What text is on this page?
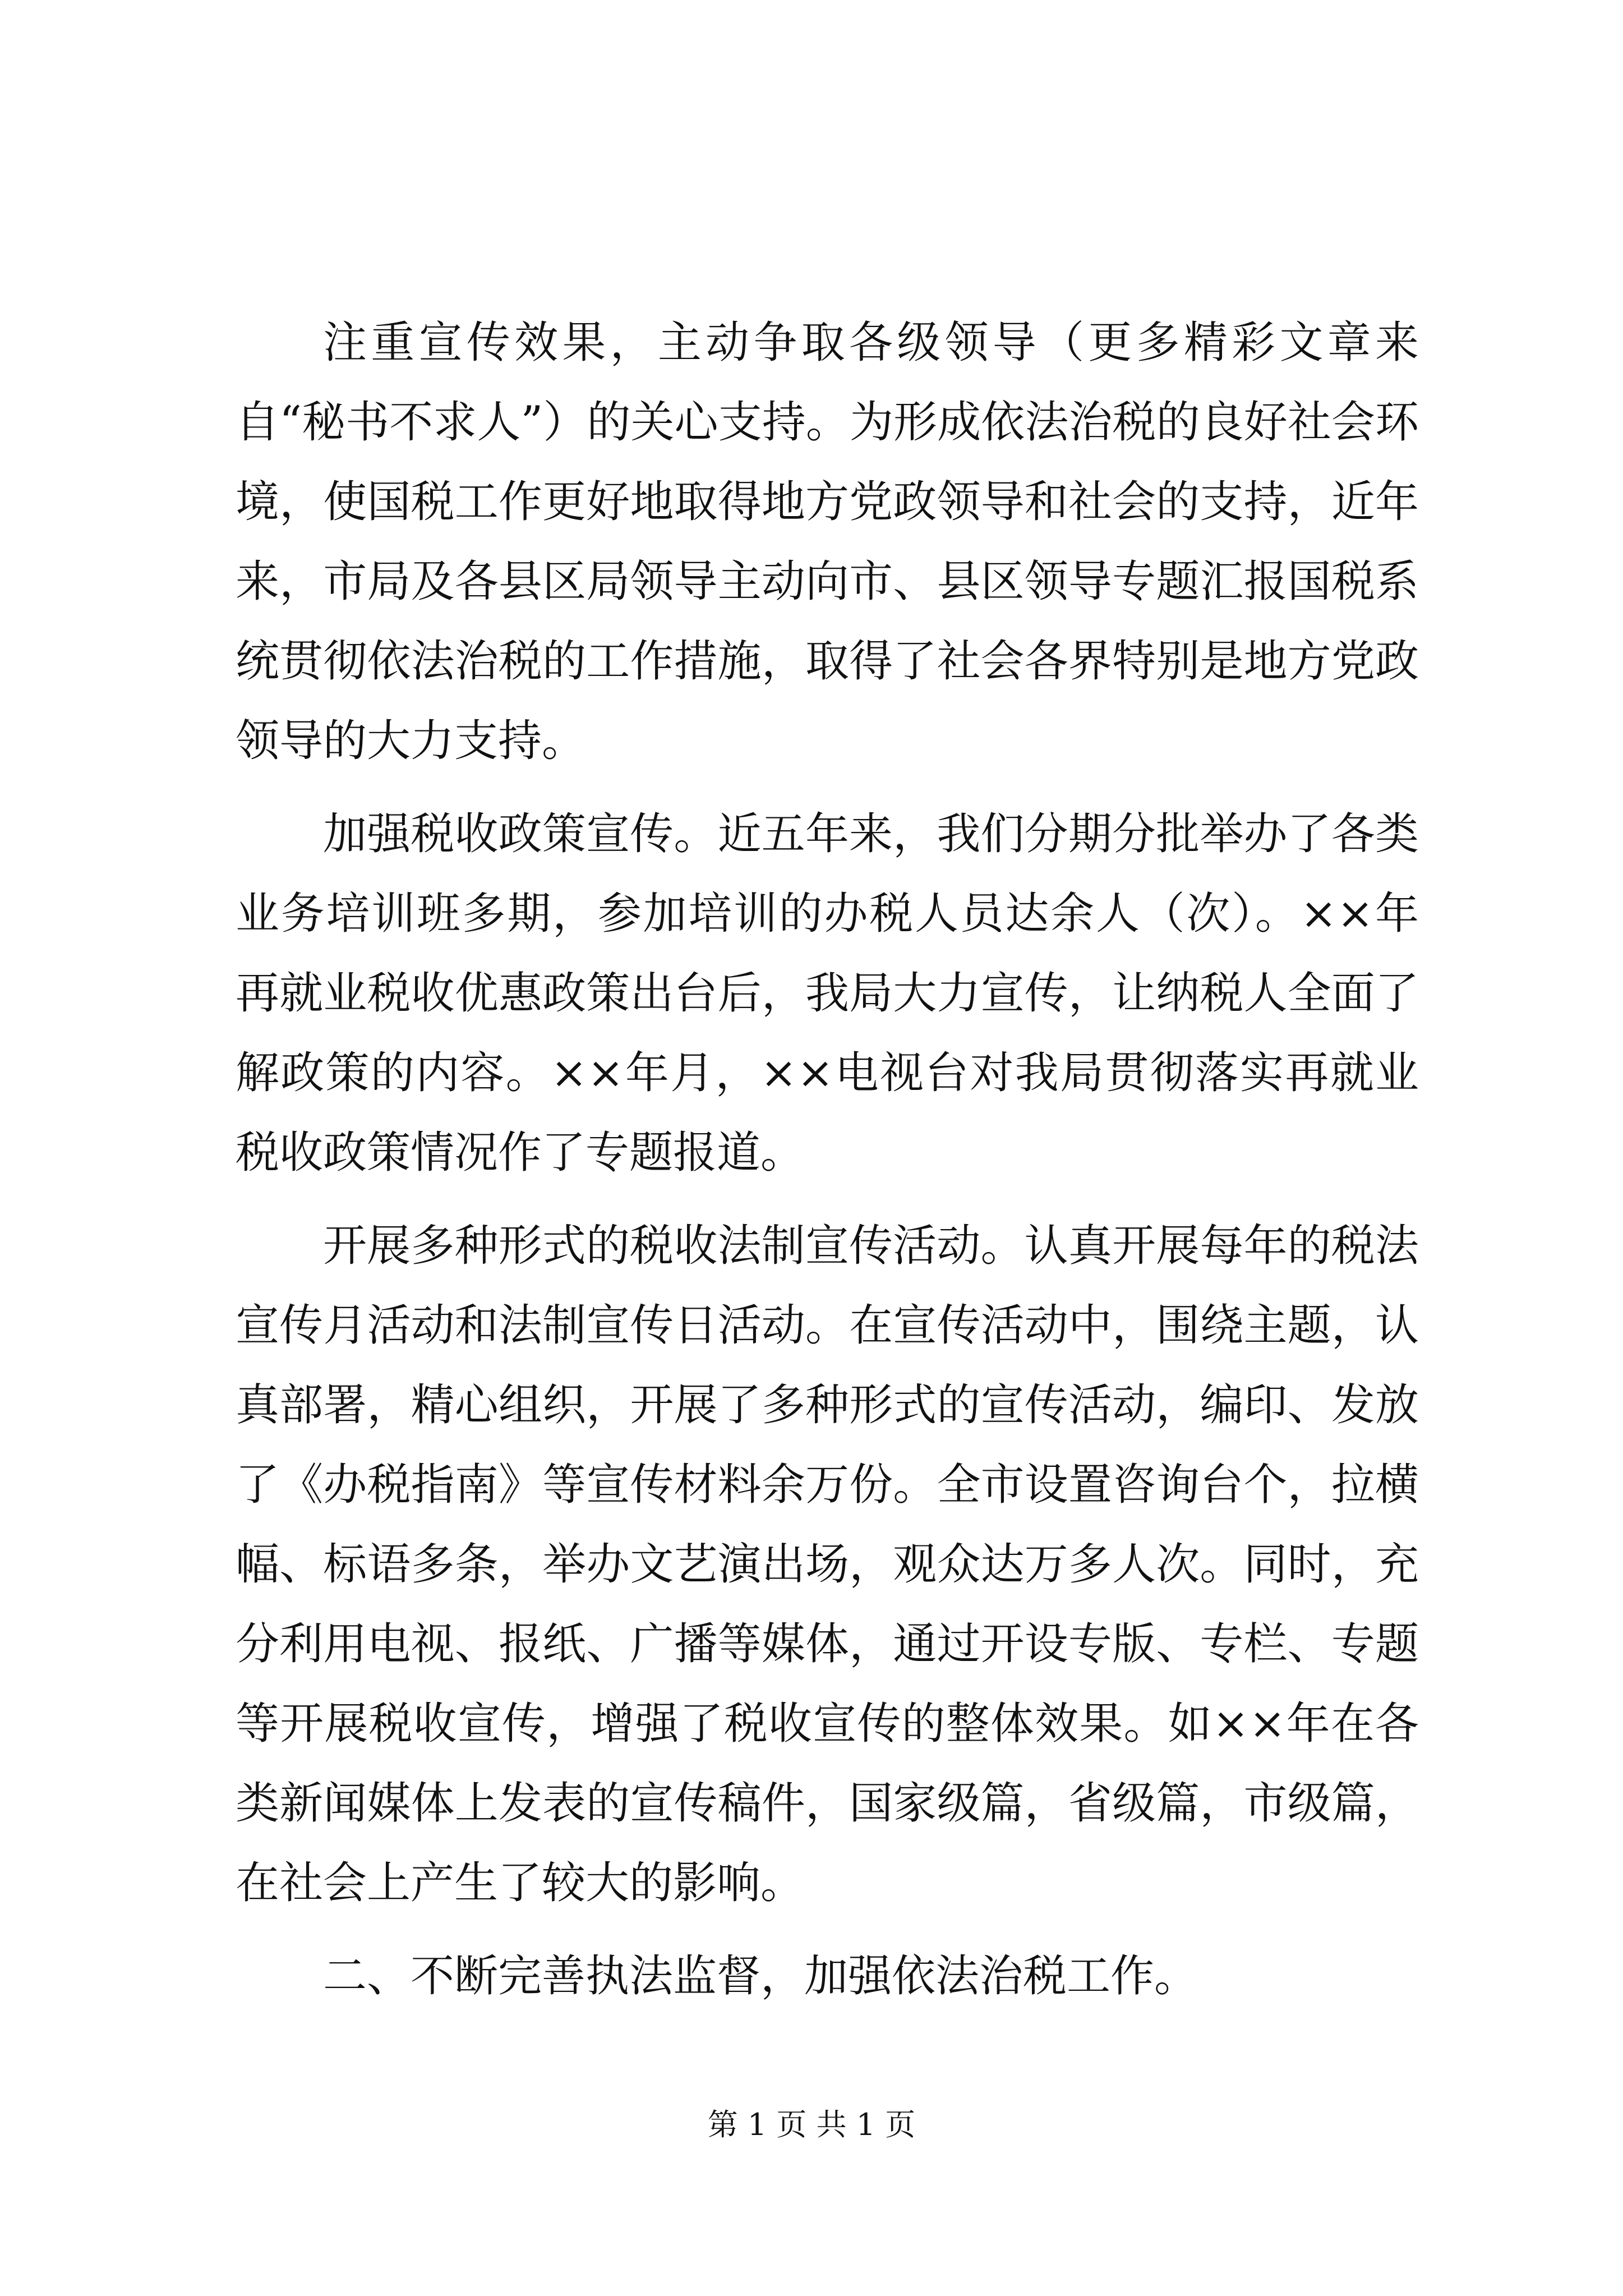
注重宣传效果，主动争取各级领导（更多精彩文章来自“秘书不求人”）的关心支持。为形成依法治税的良好社会环境，使国税工作更好地取得地方党政领导和社会的支持，近年来，市局及各县区局领导主动向市、县区领导专题汇报国税系统贯彻依法治税的工作措施，取得了社会各界特别是地方党政领导的大力支持。

加强税收政策宣传。近五年来，我们分期分批举办了各类业务培训班多期，参加培训的办税人员达余人（次）。××年再就业税收优惠政策出台后，我局大力宣传，让纳税人全面了解政策的内容。××年月，××电视台对我局贯彻落实再就业税收政策情况作了专题报道。

开展多种形式的税收法制宣传活动。认真开展每年的税法宣传月活动和法制宣传日活动。在宣传活动中，围绕主题，认真部署，精心组织，开展了多种形式的宣传活动，编印、发放了《办税指南》等宣传材料余万份。全市设置咨询台个，拉横幅、标语多条，举办文艺演出场，观众达万多人次。同时，充分利用电视、报纸、广播等媒体，通过开设专版、专栏、专题等开展税收宣传，增强了税收宣传的整体效果。如××年在各类新闻媒体上发表的宣传稿件，国家级篇，省级篇，市级篇，在社会上产生了较大的影响。

二、不断完善执法监督，加强依法治税工作。

第 1 页 共 1 页
